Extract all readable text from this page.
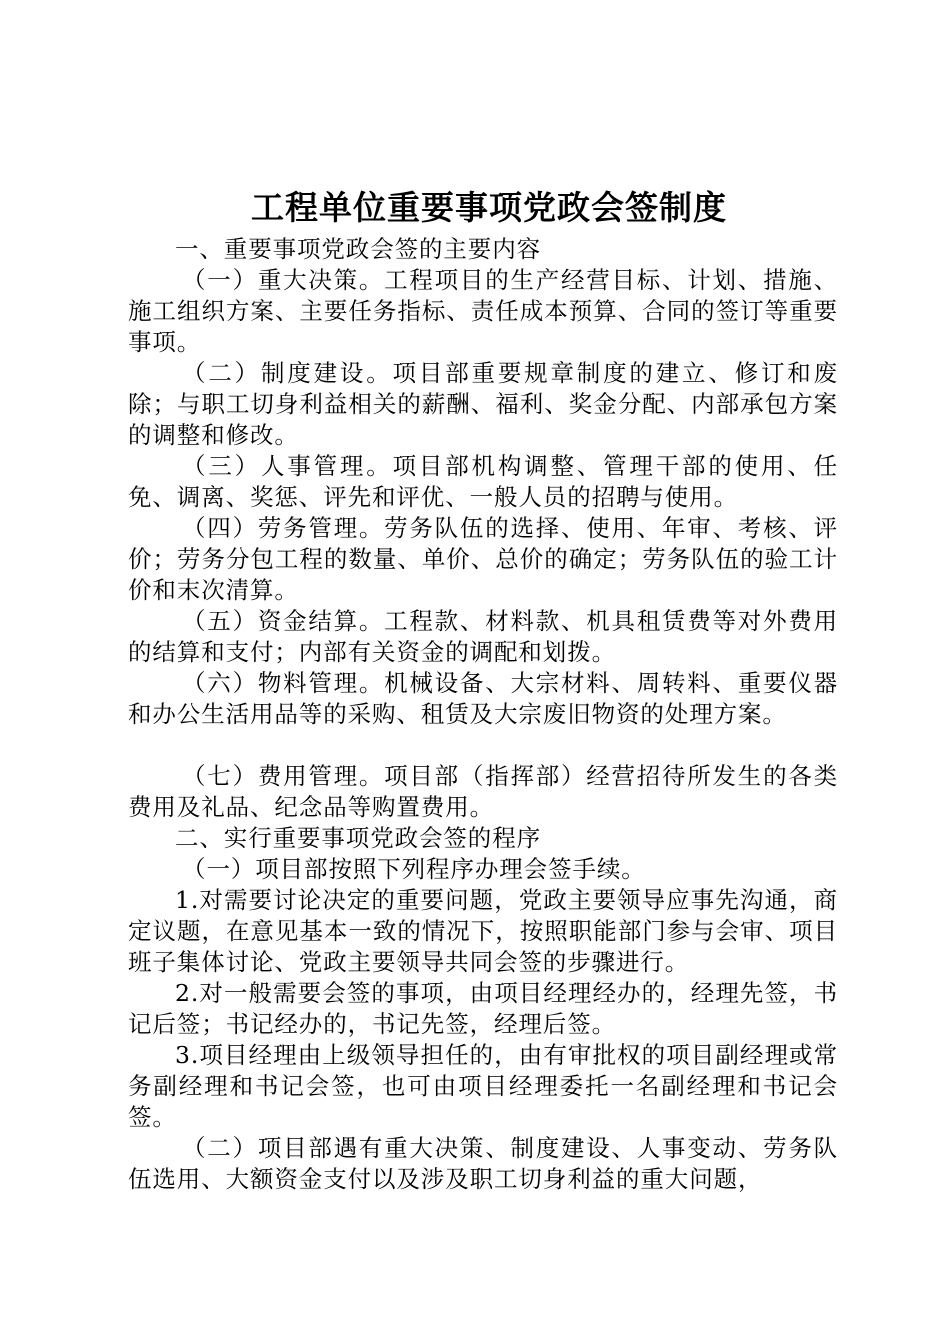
工程单位重要事项党政会签制度

一、重要事项党政会签的主要内容

（一）重大决策。工程项目的生产经营目标、计划、措施、施工组织方案、主要任务指标、责任成本预算、合同的签订等重要事项。

（二）制度建设。项目部重要规章制度的建立、修订和废除；与职工切身利益相关的薪酬、福利、奖金分配、内部承包方案的调整和修改。

（三）人事管理。项目部机构调整、管理干部的使用、任免、调离、奖惩、评先和评优、一般人员的招聘与使用。

（四）劳务管理。劳务队伍的选择、使用、年审、考核、评价；劳务分包工程的数量、单价、总价的确定；劳务队伍的验工计价和末次清算。

（五）资金结算。工程款、材料款、机具租赁费等对外费用的结算和支付；内部有关资金的调配和划拨。

（六）物料管理。机械设备、大宗材料、周转料、重要仪器和办公生活用品等的采购、租赁及大宗废旧物资的处理方案。

（七）费用管理。项目部（指挥部）经营招待所发生的各类费用及礼品、纪念品等购置费用。

二、实行重要事项党政会签的程序

（一）项目部按照下列程序办理会签手续。

1.对需要讨论决定的重要问题，党政主要领导应事先沟通，商定议题，在意见基本一致的情况下，按照职能部门参与会审、项目班子集体讨论、党政主要领导共同会签的步骤进行。

2.对一般需要会签的事项，由项目经理经办的，经理先签，书记后签；书记经办的，书记先签，经理后签。

3.项目经理由上级领导担任的，由有审批权的项目副经理或常务副经理和书记会签，也可由项目经理委托一名副经理和书记会签。

（二）项目部遇有重大决策、制度建设、人事变动、劳务队伍选用、大额资金支付以及涉及职工切身利益的重大问题，
